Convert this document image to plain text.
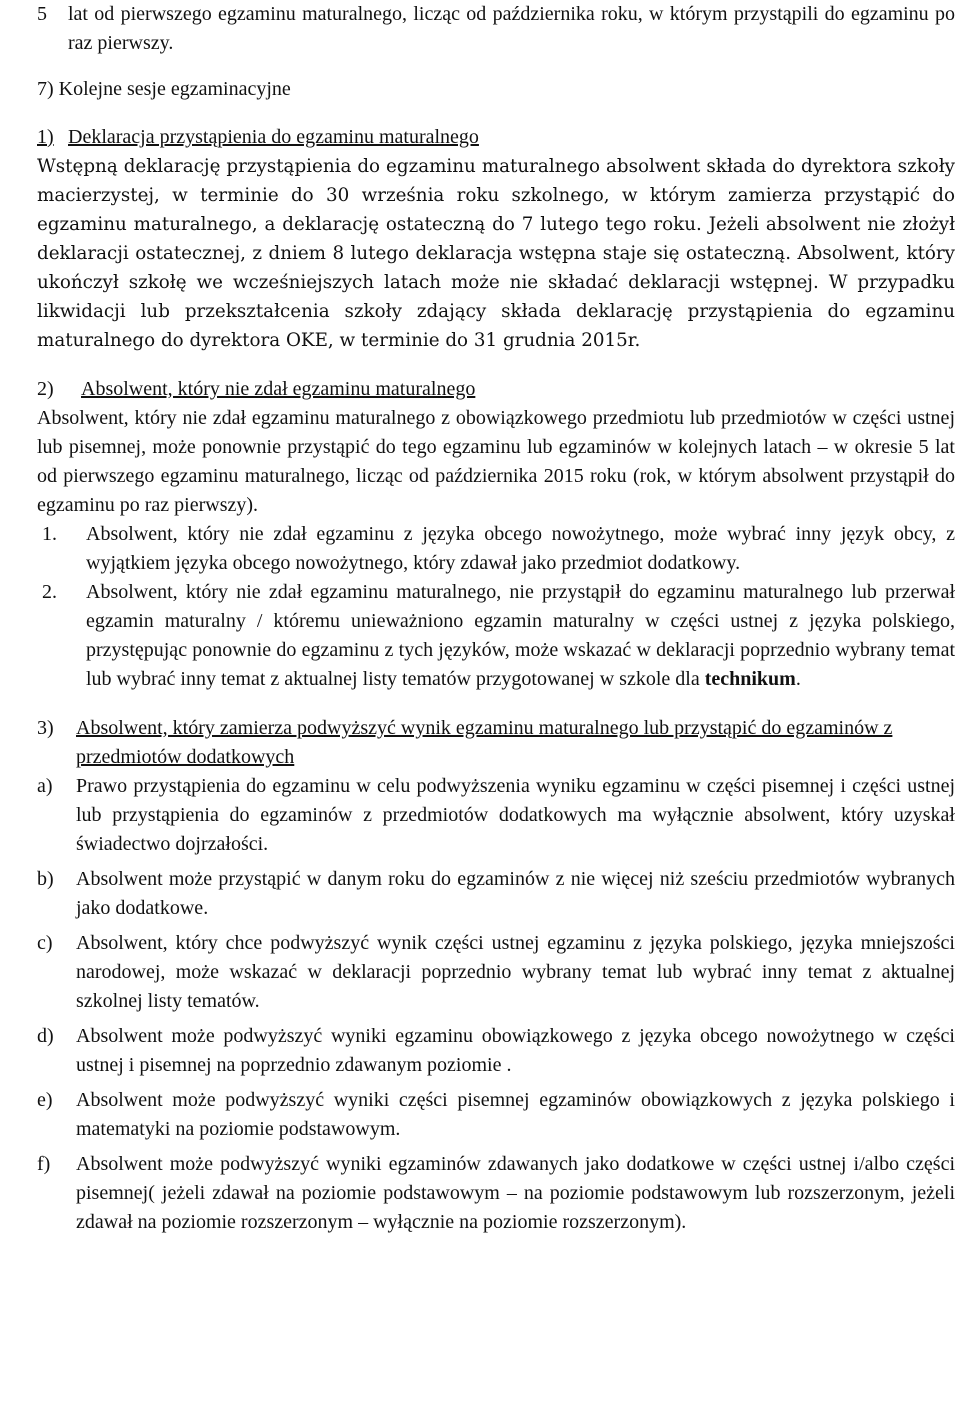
5	lat od pierwszego egzaminu maturalnego, licząc od października roku, w którym przystąpili do egzaminu po raz pierwszy.
7) Kolejne sesje egzaminacyjne
1) Deklaracja przystąpienia do egzaminu maturalnego

Wstępną deklarację przystąpienia do egzaminu maturalnego absolwent składa do dyrektora szkoły macierzystej, w terminie do 30 września roku szkolnego, w którym zamierza przystąpić do egzaminu maturalnego, a deklarację ostateczną do 7 lutego tego roku. Jeżeli absolwent nie złożył deklaracji ostatecznej, z dniem 8 lutego deklaracja wstępna staje się ostateczną. Absolwent, który ukończył szkołę we wcześniejszych latach może nie składać deklaracji wstępnej. W przypadku likwidacji lub przekształcenia szkoły zdający składa deklarację przystąpienia do egzaminu maturalnego do dyrektora OKE, w terminie do 31 grudnia 2015r.

2)	Absolwent, który nie zdał egzaminu maturalnego

Absolwent, który nie zdał egzaminu maturalnego z obowiązkowego przedmiotu lub przedmiotów w części ustnej lub pisemnej, może ponownie przystąpić do tego egzaminu lub egzaminów w kolejnych latach – w okresie 5 lat od pierwszego egzaminu maturalnego, licząc od października 2015 roku (rok, w którym absolwent przystąpił do egzaminu po raz pierwszy).

1.	Absolwent, który nie zdał egzaminu z języka obcego nowożytnego, może wybrać inny język obcy, z wyjątkiem języka obcego nowożytnego, który zdawał jako przedmiot dodatkowy.
2.	Absolwent, który nie zdał egzaminu maturalnego, nie przystąpił do egzaminu maturalnego lub przerwał egzamin maturalny / któremu unieważniono egzamin maturalny w części ustnej z języka polskiego, przystępując ponownie do egzaminu z tych języków, może wskazać w deklaracji poprzednio wybrany temat lub wybrać inny temat z aktualnej listy tematów przygotowanej w szkole dla technikum.
3)	Absolwent, który zamierza podwyższyć wynik egzaminu maturalnego lub przystąpić do egzaminów z przedmiotów dodatkowych
a)	Prawo przystąpienia do egzaminu w celu podwyższenia wyniku egzaminu w części pisemnej i części ustnej lub przystąpienia do egzaminów z przedmiotów dodatkowych ma wyłącznie absolwent, który uzyskał świadectwo dojrzałości.
b)	Absolwent może przystąpić w danym roku do egzaminów z nie więcej niż sześciu przedmiotów wybranych jako dodatkowe.
c)	Absolwent, który chce podwyższyć wynik części ustnej egzaminu z języka polskiego, języka mniejszości narodowej, może wskazać w deklaracji poprzednio wybrany temat lub wybrać inny temat z aktualnej szkolnej listy tematów.
d)	Absolwent może podwyższyć wyniki egzaminu obowiązkowego z języka obcego nowożytnego w części ustnej i pisemnej na poprzednio zdawanym poziomie .
e)	Absolwent może podwyższyć wyniki części pisemnej egzaminów obowiązkowych z języka polskiego i matematyki na poziomie podstawowym.
f)	Absolwent może podwyższyć wyniki egzaminów zdawanych jako dodatkowe w części ustnej i/albo części pisemnej( jeżeli zdawał na poziomie podstawowym – na poziomie podstawowym lub rozszerzonym, jeżeli zdawał na poziomie rozszerzonym – wyłącznie na poziomie rozszerzonym).
